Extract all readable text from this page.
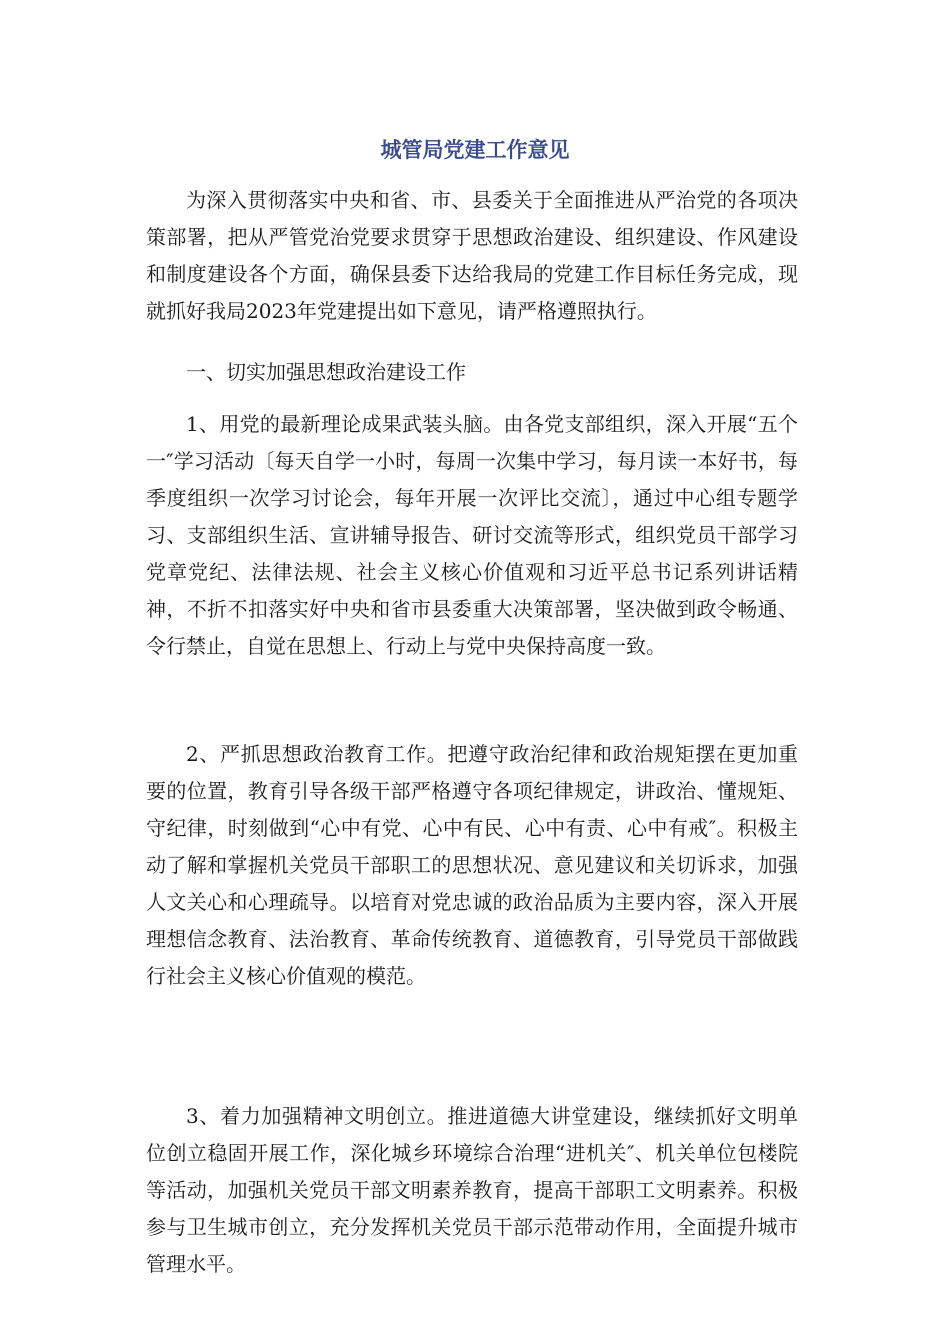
城管局党建工作意见

为深入贯彻落实中央和省、市、县委关于全面推进从严治党的各项决策部署，把从严管党治党要求贯穿于思想政治建设、组织建设、作风建设和制度建设各个方面，确保县委下达给我局的党建工作目标任务完成，现就抓好我局2023年党建提出如下意见，请严格遵照执行。

一、切实加强思想政治建设工作

1、用党的最新理论成果武装头脑。由各党支部组织，深入开展“五个一″学习活动〔每天自学一小时，每周一次集中学习，每月读一本好书，每季度组织一次学习讨论会，每年开展一次评比交流〕，通过中心组专题学习、支部组织生活、宣讲辅导报告、研讨交流等形式，组织党员干部学习党章党纪、法律法规、社会主义核心价值观和习近平总书记系列讲话精神，不折不扣落实好中央和省市县委重大决策部署，坚决做到政令畅通、令行禁止，自觉在思想上、行动上与党中央保持高度一致。

2、严抓思想政治教育工作。把遵守政治纪律和政治规矩摆在更加重要的位置，教育引导各级干部严格遵守各项纪律规定，讲政治、懂规矩、守纪律，时刻做到“心中有党、心中有民、心中有责、心中有戒″。积极主动了解和掌握机关党员干部职工的思想状况、意见建议和关切诉求，加强人文关心和心理疏导。以培育对党忠诚的政治品质为主要内容，深入开展理想信念教育、法治教育、革命传统教育、道德教育，引导党员干部做践行社会主义核心价值观的模范。

3、着力加强精神文明创立。推进道德大讲堂建设，继续抓好文明单位创立稳固开展工作，深化城乡环境综合治理“进机关″、机关单位包楼院等活动，加强机关党员干部文明素养教育，提高干部职工文明素养。积极参与卫生城市创立，充分发挥机关党员干部示范带动作用，全面提升城市管理水平。
